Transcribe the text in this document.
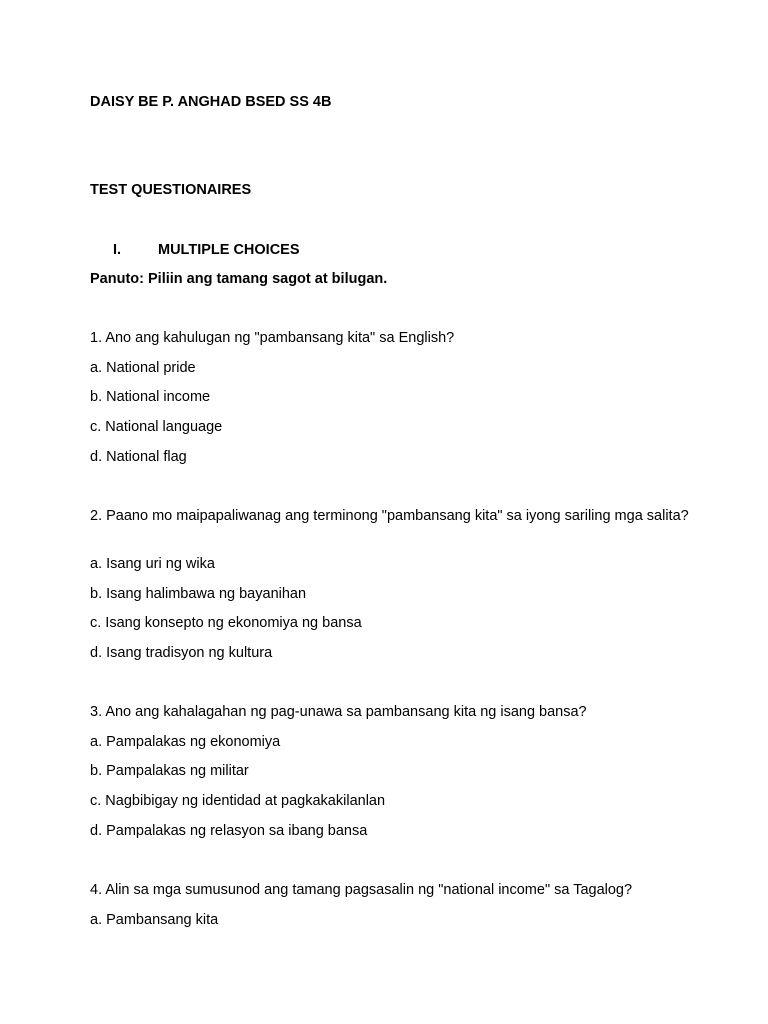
DAISY BE P. ANGHAD BSED SS 4B
TEST QUESTIONAIRES
I.	MULTIPLE CHOICES
Panuto: Piliin ang tamang sagot at bilugan.
1. Ano ang kahulugan ng "pambansang kita" sa English?
a. National pride
b. National income
c. National language
d. National flag
2. Paano mo maipapaliwanag ang terminong "pambansang kita" sa iyong sariling mga salita?
a. Isang uri ng wika
b. Isang halimbawa ng bayanihan
c. Isang konsepto ng ekonomiya ng bansa
d. Isang tradisyon ng kultura
3. Ano ang kahalagahan ng pag-unawa sa pambansang kita ng isang bansa?
a. Pampalakas ng ekonomiya
b. Pampalakas ng militar
c. Nagbibigay ng identidad at pagkakakilanlan
d. Pampalakas ng relasyon sa ibang bansa
4. Alin sa mga sumusunod ang tamang pagsasalin ng "national income" sa Tagalog?
a. Pambansang kita
